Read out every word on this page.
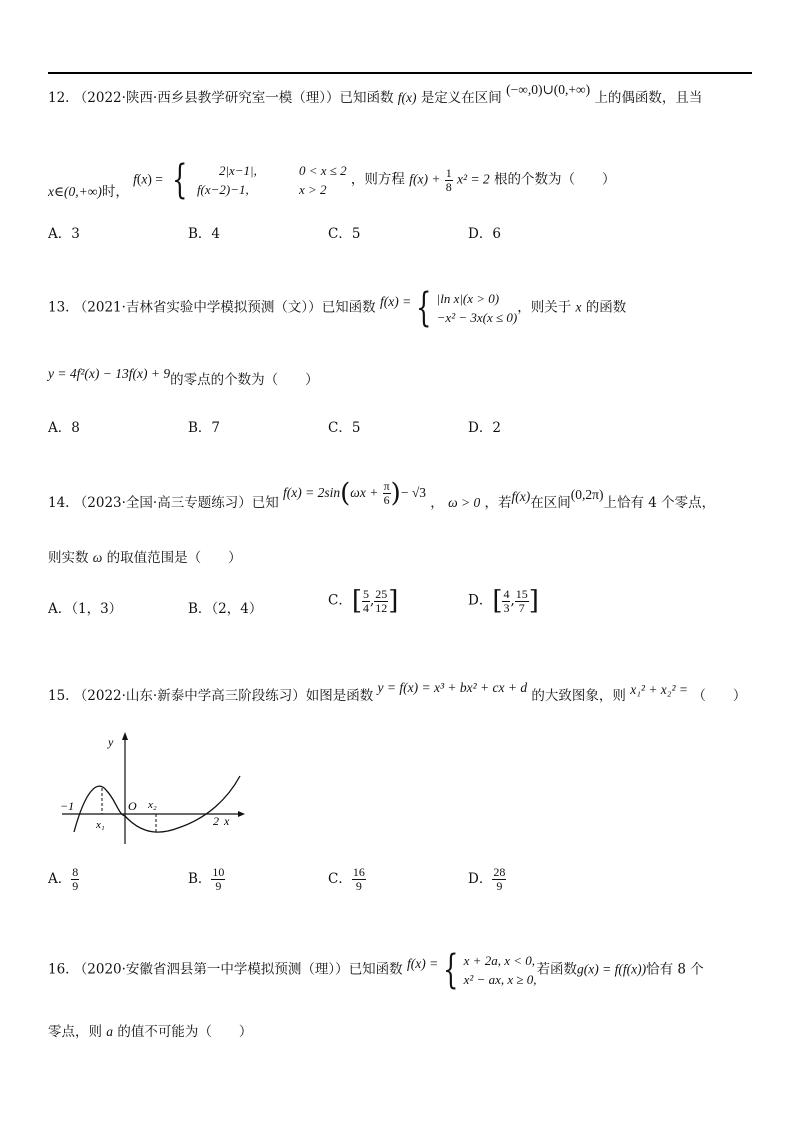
12. （2022·陕西·西乡县教学研究室一模（理））已知函数 f(x) 是定义在区间 (−∞,0)∪(0,+∞) 上的偶函数，且当
x∈(0,+∞)时， f(x) = {	2|x−1|,	0 < x ≤ 2
f(x−2)−1,	x > 2
，则方程 $f(x) + \frac{1}{8} x^2 = 2$ 根的个数为（　　）
A．3	B．4	C．5	D．6
13. （2021·吉林省实验中学模拟预测（文））已知函数 f(x) = { |ln x|(x > 0)
−x² − 3x(x ≤ 0)
，则关于 x 的函数
y = 4f²(x) − 13f(x) + 9的零点的个数为（　　）
A．8	B．7	C．5	D．2
14. （2023·全国·高三专题练习）已知 $f(x) = 2\sin(\omega x + \frac{\pi}{6}$ )− √3 ， ω > 0 ，若f(x)在区间(0,2π)上恰有 4 个零点，
则实数 ω 的取值范围是（　　）
A．（1，3）	B．（2，4）
C．[ $\frac{5}{4}$ , $\frac{25}{12}$ ]	D．[ $\frac{4}{3}$ , $\frac{15}{7}$ ]
15. （2022·山东·新泰中学高三阶段练习）如图是函数 y = f(x) = x³ + bx² + cx + d 的大致图象，则 x₁² + x₂² = （　　）
y
x
−1	O
x₁
x₂
2
A． $\frac{8}{9}$	B． $\frac{10}{9}$	C． $\frac{16}{9}$	D． $\frac{28}{9}$
16. （2020·安徽省泗县第一中学模拟预测（理））已知函数 f(x) = { x + 2a, x < 0,
x² − ax, x ≥ 0,
若函数g(x) = f(f(x))恰有 8 个
零点，则 a 的值不可能为（　　）
